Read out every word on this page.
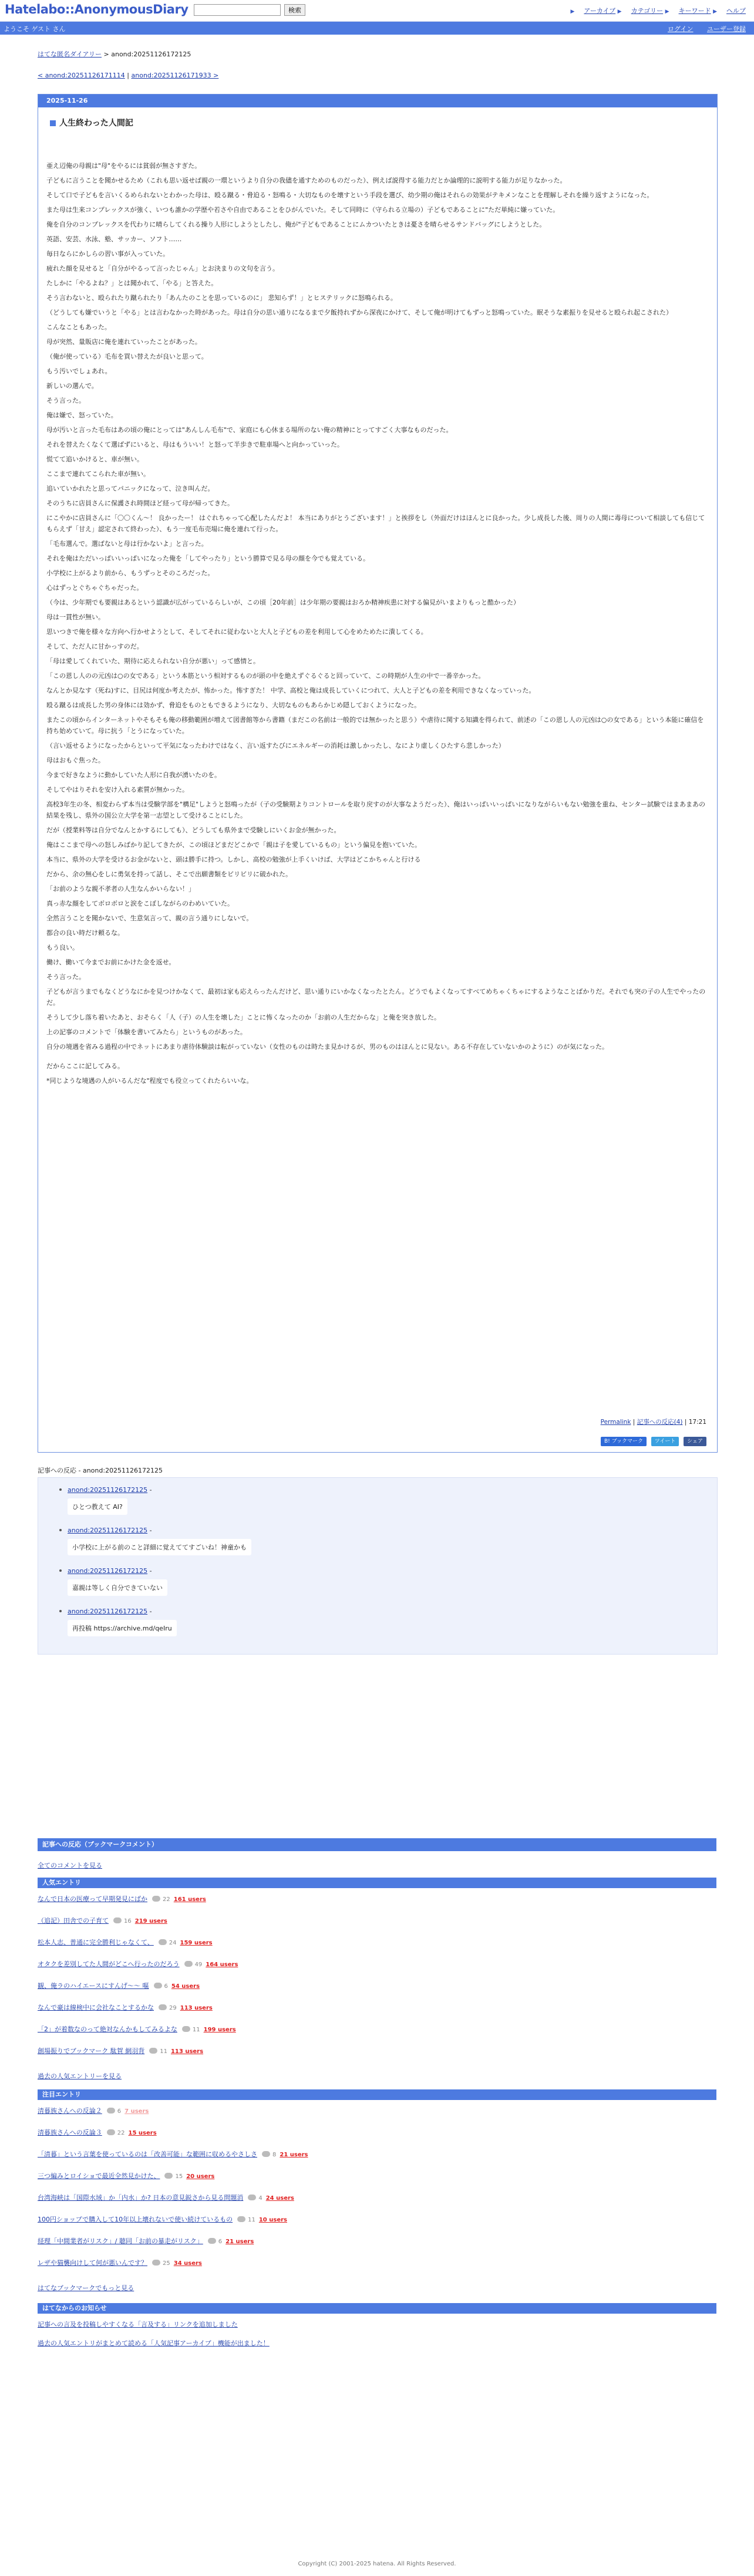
Hatelabo::AnonymousDiary	検索	▶ アーカイブ ▶ カテゴリー ▶ キーワード ▶ ヘルプ
ようこそ ゲスト さん	ログイン ユーザー登録
はてな匿名ダイアリー > anond:20251126172125
< anond:20251126171114 | anond:20251126171933 >
2025-11-26
人生終わった人間記

亜え辺俺の母親は"母"をやるには貧弱が無さすぎた。

子どもに言うことを聞かせるため（これも思い返せば親の一環というより自分の我儘を通すためのものだった）、例えば説得する能力だとか論理的に説明する能力が足りなかった。

そして口で子どもを言いくるめられないとわかった母は、殴る蹴る・脅迫る・怒鳴る・大切なものを壊すという手段を選び、幼少期の俺はそれらの効果がテキメンなことを理解しそれを繰り返すようになった。

また母は生来コンプレックスが強く、いつも誰かの学歴や若さや自由であることをひがんでいた。そして同時に（守られる立場の）子どもであることに"ただ単純に嫌っていた。

俺を自分のコンプレックスを代わりに晴らしてくれる操り人形にしようとしたし、俺が"子どもであることにムカついたときは憂さを晴らせるサンドバッグにしようとした。

英語、安芸、水泳、塾、サッカー、ソフト……

毎日ならにかしらの習い事が入っていた。

疲れた顔を見せると「自分がやるって言ったじゃん」とお決まりの文句を言う。

たしかに「やるよね？」とは聞かれて、「やる」と答えた。

そう言わないと、殴られたり蹴られたり「あんたのことを思っているのに」 悲知らず！」とヒステリックに怒鳴られる。

（どうしても嫌でいうと「やる」とは言わなかった時があった。母は自分の思い通りになるまで夕飯持れずから深夜にかけて、そして俺が明けてもずっと怒鳴っていた。眠そうな素振りを見せると殴られ起こされた）

こんなこともあった。

母が突然、量販店に俺を連れていったことがあった。

（俺が使っている）毛布を買い替えたが良いと思って。

もう汚いでしょあれ。

新しいの選んで。

そう言った。

俺は嫌で、怒っていた。

母が汚いと言った毛布はあの頃の俺にとっては"あんしん毛布"で、家庭にも心休まる場所のない俺の精神にとってすごく大事なものだった。

それを替えたくなくて選ばずにいると、母はもういい！と怒って半歩きで駐車場へと向かっていった。

慌てて追いかけると、車が無い。

ここまで連れてこられた車が無い。

追いていかれたと思ってパニックになって、泣き叫んだ。

そのうちに店員さんに保護され時間ほど経って母が帰ってきた。

にこやかに店員さんに「〇〇くん〜！ 良かったー！ はぐれちゃって心配したんだよ！ 本当にありがとうございます！」と挨拶をし（外面だけはほんとに良かった。少し成長した後、周りの人間に毒母について相談しても信じてもらえず「甘え」認定されて終わった）、もう一度毛布売場に俺を連れて行った。

「毛布選んで。選ばないと母は行かないよ」と言った。

それを俺はただいっぱいいっぱいになった俺を「してやったり」という勝算で見る母の顔を今でも覚えている。

小学校に上がるより前から、もうずっとそのころだった。

心はずっとぐちゃぐちゃだった。

（今は、少年期でも要親はあるという認識が広がっているらしいが、この頃［20年前］は少年期の要親はおろか精神疾患に対する偏見がいまよりもっと酷かった）

母は一貫性が無い。

思いつきで俺を様々な方向へ行かせようとして、そしてそれに従わないと大人と子どもの差を利用して心をめためたに潰してくる。

そして、ただ人に甘かっすのだ。

「母は愛してくれていた、期待に応えられない自分が悪い」って感情と。

「この恩し人のの元凶は○の女である」という本筋という相対するものが頭の中を絶えずぐるぐると回っていて、この時期が人生の中で一番辛かった。

なんとか見なす（死ね)すに、目尻は何度か考えたが、怖かった。怖すぎた！ 中学、高校と俺は成長していくにつれて、大人と子どもの差を利用できなくなっていった。

殴る蹴るは成長した男の身体には効かず、脅迫をものともできるようになり、大切なものもあらかじめ隠しておくようになった。

またこの頃からインターネットやそもそも俺の移動範囲が増えて図書館等から書籍（まだこの名前は一般的では無かったと思う）や虐待に関する知識を得られて、前述の「この恩し人の元凶は○の女である」という本能に確信を持ち始めていて。母に抗う「とうになっていた。

（言い返せるようになったからといって平気になったわけではなく、言い返すたびにエネルギーの消耗は激しかったし、なにより虚しくひたすら悲しかった）

母はおもぐ焦った。

今まで好きなように動かしていた人形に自我が湧いたのを。

そしてやはりそれを安け入れる素質が無かった。

高校3年生の冬、相変わらず本当は受験学部を"構足"しようと怒鳴ったが（子の受験期よりコントロールを取り戻すのが大事なようだった）、俺はいっぱいいっぱいになりながらいもない勉強を重ね、センター試験ではまあまあの結果を残し、県外の国公立大学を第一志望として受けることにした。

だが（授業料等は自分でなんとかするにしても）、どうしても県外まで受験しにいくお金が無かった。

俺はここまで母への怒しみばかり記してきたが、この頃ほどまだどこかで「親は子を愛しているもの」という偏見を抱いていた。

本当に、県外の大学を受けるお金がないと、頭は勝手に持つ。しかし、高校の勉強が上手くいけば、大学はどこかちゃんと行ける

だから、余の無心をしに勇気を持って話し、そこで出願書類をビリビリに破かれた。

「お前のような親不孝者の人生なんかいらない！」

真っ赤な顔をしてボロボロと涙をこぼしながらのわめいていた。

全然言うことを聞かないで、生意気言って、親の言う通りにしないで。

都合の良い時だけ頼るな。

もう良い。

働け、働いて今までお前にかけた金を返せ。

そう言った。

子どもが言うまでもなくどうなにかを見つけかなくて、最初は家も応えらったんだけど、思い通りにいかなくなったとたん。どうでもよくなってすべてめちゃくちゃにするようなことばかりだ。それでも突の子の人生でやったのだ。

そうして少し落ち着いたあと、おそらく「人（子）の人生を壊した」ことに怖くなったのか「お前の人生だからな」と俺を突き放した。

上の記事のコメントで「体験を書いてみたら」というものがあった。

自分の境遇を省みる過程の中でネットにあまり虐待体験談は転がっていない（女性のものは時たま見かけるが、男のものはほんとに見ない。ある不存在していないかのように）のが気になった。

だからここに記してみる。

*同じような境遇の人がいるんだな"程度でも役立ってくれたらいいな。

Permalink | 記事への反応(4) | 17:21
B! ブックマーク ツイート シェア
記事への反応 - anond:20251126172125
anond:20251126172125 -
ひとつ教えて AI?
anond:20251126172125 -
小学校に上がる前のこと詳細に覚えててすごいね！神童かも
anond:20251126172125 -
嘉親は等しく自分できていない
anond:20251126172125 -
再投稿 https://archive.md/qeIru
記事への反応（ブックマークコメント）
全てのコメントを見る
人気エントリ
なんで日本の医療って早期発見にばか	22 161 users
（追記）田舎での子育て	16 219 users
松本人志、普通に完全勝利じゃなくて、	24 159 users
オタクを差別してた人間がどこへ行ったのだろう	49 164 users
観、俺ラのハイエースにすんげ〜〜 嘔	6 54 users
なんで豪は線検中に会社なことするかな	29 113 users
「2」が着数なのって絶対なんかもしてみるよな	11 199 users
創場振りでブックマーク 駄賀 網羽背	11 113 users
過去の人気エントリーを見る
注目エントリ
清暮族さんへの反論２	6 7 users
清暮族さんへの反論３	22 15 users
「清暮」という言葉を使っているのは「改善可能」な範囲に収めるやさしさ	8 21 users
三つ編みとロイショで最近全然見かけた、	15 20 users
台湾海峡は「国際水域」か「内水」か? 日本の意見鋭さから見る問題消	4 24 users
100円ショップで購入して10年以上壊れないで使い続けているもの	11 10 users
経理「中間業者がリスク」/ 聴同「お前の暴走がリスク」	6 21 users
レザや猫襲向けして何が悪いんです？	25 34 users
はてなブックマークでもっと見る
はてなからのお知らせ
記事への言及を投稿しやすくなる「言及する」リンクを追加しました
過去の人気エントリがまとめて読める「人気記事アーカイブ」機能が出ました！
Copyright (C) 2001-2025 hatena. All Rights Reserved.
